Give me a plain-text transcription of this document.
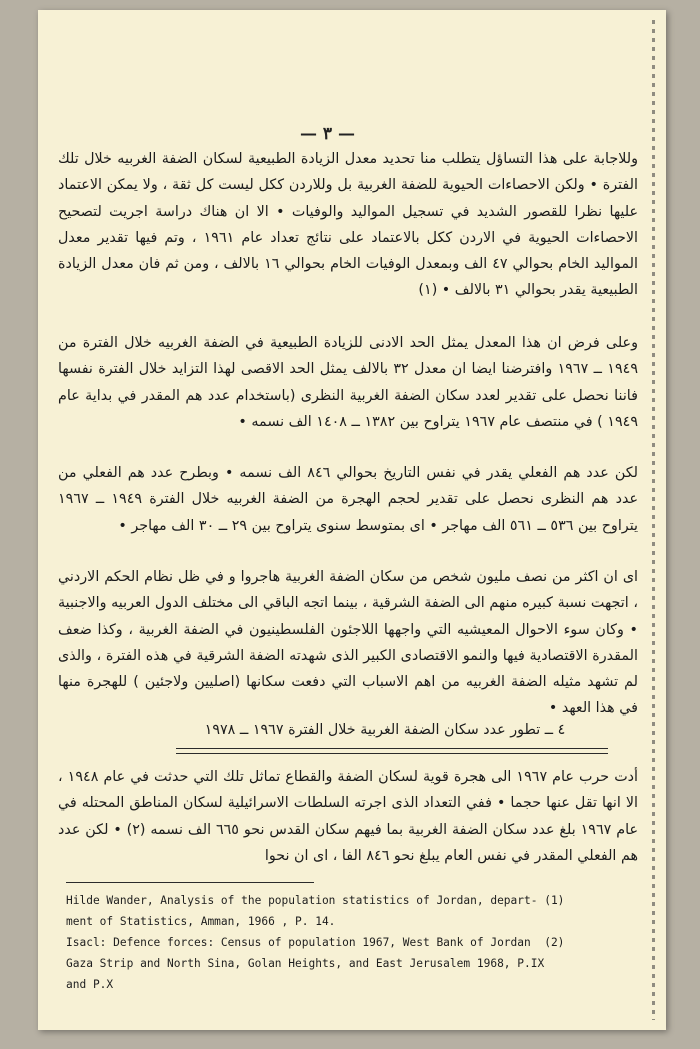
— ٣ —
وللاجابة على هذا التساؤل يتطلب منا تحديد معدل الزيادة الطبيعية لسكان الضفة الغربيه خلال تلك الفترة • ولكن الاحصاءات الحيوية للضفة الغربية بل وللاردن ككل ليست كل ثقة ، ولا يمكن الاعتماد عليها نظرا للقصور الشديد في تسجيل المواليد والوفيات • الا ان هناك دراسة اجريت لتصحيح الاحصاءات الحيوية في الاردن ككل بالاعتماد على نتائج تعداد عام ١٩٦١ ، وتم فيها تقدير معدل المواليد الخام بحوالي ٤٧ الف وبمعدل الوفيات الخام بحوالي ١٦ بالالف ، ومن ثم فان معدل الزيادة الطبيعية يقدر بحوالي ٣١ بالالف • (١)
وعلى فرض ان هذا المعدل يمثل الحد الادنى للزيادة الطبيعية في الضفة الغربيه خلال الفترة من ١٩٤٩ ــ ١٩٦٧ وافترضنا ايضا ان معدل ٣٢ بالالف يمثل الحد الاقصى لهذا التزايد خلال الفترة نفسها فاننا نحصل على تقدير لعدد سكان الضفة الغربية النظرى (باستخدام عدد هم المقدر في بداية عام ١٩٤٩ ) في منتصف عام ١٩٦٧ يتراوح بين ١٣٨٢ ــ ١٤٠٨ الف نسمه •
لكن عدد هم الفعلي يقدر في نفس التاريخ بحوالي ٨٤٦ الف نسمه • وبطرح عدد هم الفعلي من عدد هم النظرى نحصل على تقدير لحجم الهجرة من الضفة الغربيه خلال الفترة ١٩٤٩ ــ ١٩٦٧ يتراوح بين ٥٣٦ ــ ٥٦١ الف مهاجر • اى بمتوسط سنوى يتراوح بين ٢٩ ــ ٣٠ الف مهاجر •
اى ان اكثر من نصف مليون شخص من سكان الضفة الغربية هاجروا و في ظل نظام الحكم الاردني ، اتجهت نسبة كبيره منهم الى الضفة الشرقية ، بينما اتجه الباقي الى مختلف الدول العربيه والاجنبية • وكان سوء الاحوال المعيشيه التي واجهها اللاجئون الفلسطينيون في الضفة الغربية ، وكذا ضعف المقدرة الاقتصادية فيها والنمو الاقتصادى الكبير الذى شهدته الضفة الشرقية في هذه الفترة ، والذى لم تشهد مثيله الضفة الغربيه من اهم الاسباب التي دفعت سكانها (اصليين ولاجئين ) للهجرة منها في هذا العهد •
٤ ــ تطور عدد سكان الضفة الغربية خلال الفترة ١٩٦٧ ــ ١٩٧٨
أدت حرب عام ١٩٦٧ الى هجرة قوية لسكان الضفة والقطاع تماثل تلك التي حدثت في عام ١٩٤٨ ، الا انها تقل عنها حجما • ففي التعداد الذى اجرته السلطات الاسرائيلية لسكان المناطق المحتله في عام ١٩٦٧ بلغ عدد سكان الضفة الغربية بما فيهم سكان القدس نحو ٦٦٥ الف نسمه (٢) • لكن عدد هم الفعلي المقدر في نفس العام يبلغ نحو ٨٤٦ الفا ، اى ان نحوا
Hilde Wander, Analysis of the population statistics of Jordan, depart- (1)
ment of Statistics, Amman, 1966 , P. 14.
Isacl: Defence forces: Census of population 1967, West Bank of Jordan  (2)
Gaza Strip and North Sina, Golan Heights, and East Jerusalem 1968, P.IX
and P.X
